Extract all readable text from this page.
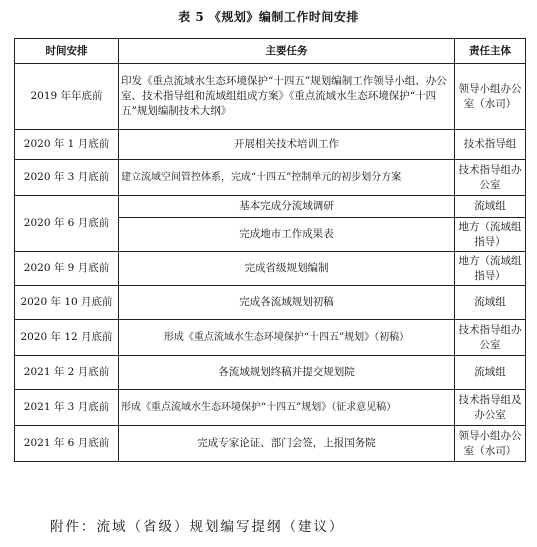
表 5 《规划》编制工作时间安排
时间安排	主要任务	责任主体
2019 年年底前	印发《重点流域水生态环境保护“十四五”规划编制工作领导小组、办公室、技术指导组和流域组组成方案》《重点流域水生态环境保护“十四五”规划编制技术大纲》	领导小组办公室（水司）
2020 年 1 月底前	开展相关技术培训工作	技术指导组
2020 年 3 月底前	建立流域空间管控体系，完成“十四五”控制单元的初步划分方案	技术指导组办公室
2020 年 6 月底前	基本完成分流域调研	流域组
	完成地市工作成果表	地方（流域组指导）
2020 年 9 月底前	完成省级规划编制	地方（流域组指导）
2020 年 10 月底前	完成各流域规划初稿	流域组
2020 年 12 月底前	形成《重点流域水生态环境保护“十四五”规划》（初稿）	技术指导组办公室
2021 年 2 月底前	各流域规划终稿并提交规划院	流域组
2021 年 3 月底前	形成《重点流域水生态环境保护“十四五”规划》（征求意见稿）	技术指导组及办公室
2021 年 6 月底前	完成专家论证、部门会签，上报国务院	领导小组办公室（水司）
附件：流域（省级）规划编写提纲（建议）
